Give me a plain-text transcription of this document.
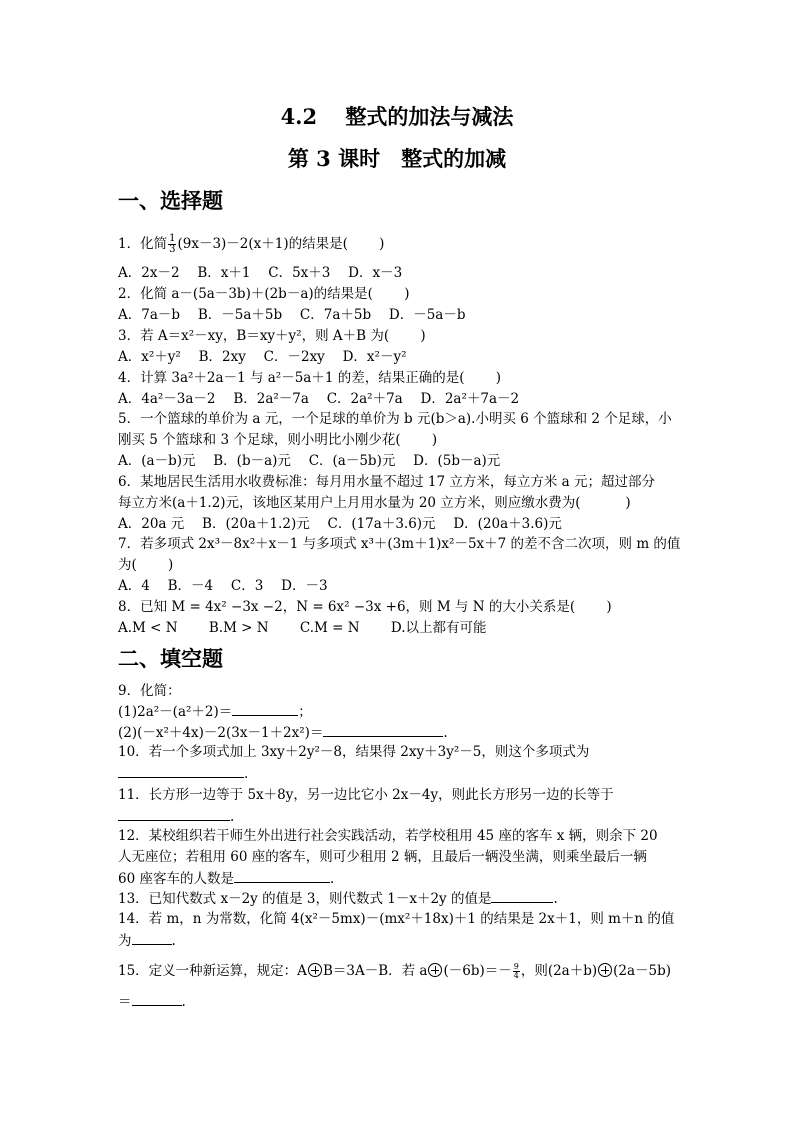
4.2　 整式的加法与减法
第 3 课时　整式的加减
一、选择题
1．化简 $\frac{1}{3} (9x-3)-2(x+1)$的结果是(　　 )
A．2x－2　 B．x＋1　 C．5x＋3　 D．x－3
2．化简 a－(5a－3b)＋(2b－a)的结果是(　　 )
A．7a－b　 B．－5a＋5b　 C．7a＋5b　 D．－5a－b
3．若 A＝x²－xy，B＝xy＋y²，则 A＋B 为(　　 )
A．x²＋y²　 B．2xy　 C．－2xy　 D．x²－y²
4．计算 3a²＋2a－1 与 a²－5a＋1 的差，结果正确的是(　　 )
A．4a²－3a－2　 B．2a²－7a　 C．2a²＋7a　 D．2a²＋7a－2
5．一个篮球的单价为 a 元，一个足球的单价为 b 元(b＞a).小明买 6 个篮球和 2 个足球，小
刚买 5 个篮球和 3 个足球，则小明比小刚少花(　　 )
A．(a－b)元　 B．(b－a)元　 C．(a－5b)元　 D．(5b－a)元
6．某地居民生活用水收费标准：每月用水量不超过 17 立方米，每立方米 a 元；超过部分
每立方米(a＋1.2)元，该地区某用户上月用水量为 20 立方米，则应缴水费为(　　　 )
A．20a 元　 B．(20a＋1.2)元　 C．(17a＋3.6)元　 D．(20a＋3.6)元
7．若多项式 2x³－8x²＋x－1 与多项式 x³＋(3m＋1)x²－5x＋7 的差不含二次项，则 m 的值
为(　　 )
A．4　 B．－4　 C．3　 D．－3
8．已知 M = 4x² −3x −2，N = 6x² −3x +6，则 M 与 N 的大小关系是(　　 )
A.M < N　　 B.M > N　　 C.M = N　　 D.以上都有可能
二、填空题
9．化简：
(1)2a²－(a²＋2)＝	；
(2)(－x²＋4x)－2(3x－1＋2x²)＝	.
10．若一个多项式加上 3xy＋2y²－8，结果得 2xy＋3y²－5，则这个多项式为
.
11．长方形一边等于 5x＋8y，另一边比它小 2x－4y，则此长方形另一边的长等于
.
12．某校组织若干师生外出进行社会实践活动，若学校租用 45 座的客车 x 辆，则余下 20
人无座位；若租用 60 座的客车，则可少租用 2 辆，且最后一辆没坐满，则乘坐最后一辆
60 座客车的人数是	.
13．已知代数式 x－2y 的值是 3，则代数式 1－x＋2y 的值是	.
14．若 m，n 为常数，化简 4(x²－5mx)－(mx²＋18x)＋1 的结果是 2x＋1，则 m＋n 的值
为	.
15．定义一种新运算，规定：A B＝3A－B．若 a $(-6b)=- \frac{9}{4}$ ，则(2a＋b) (2a－5b)
＝	.
